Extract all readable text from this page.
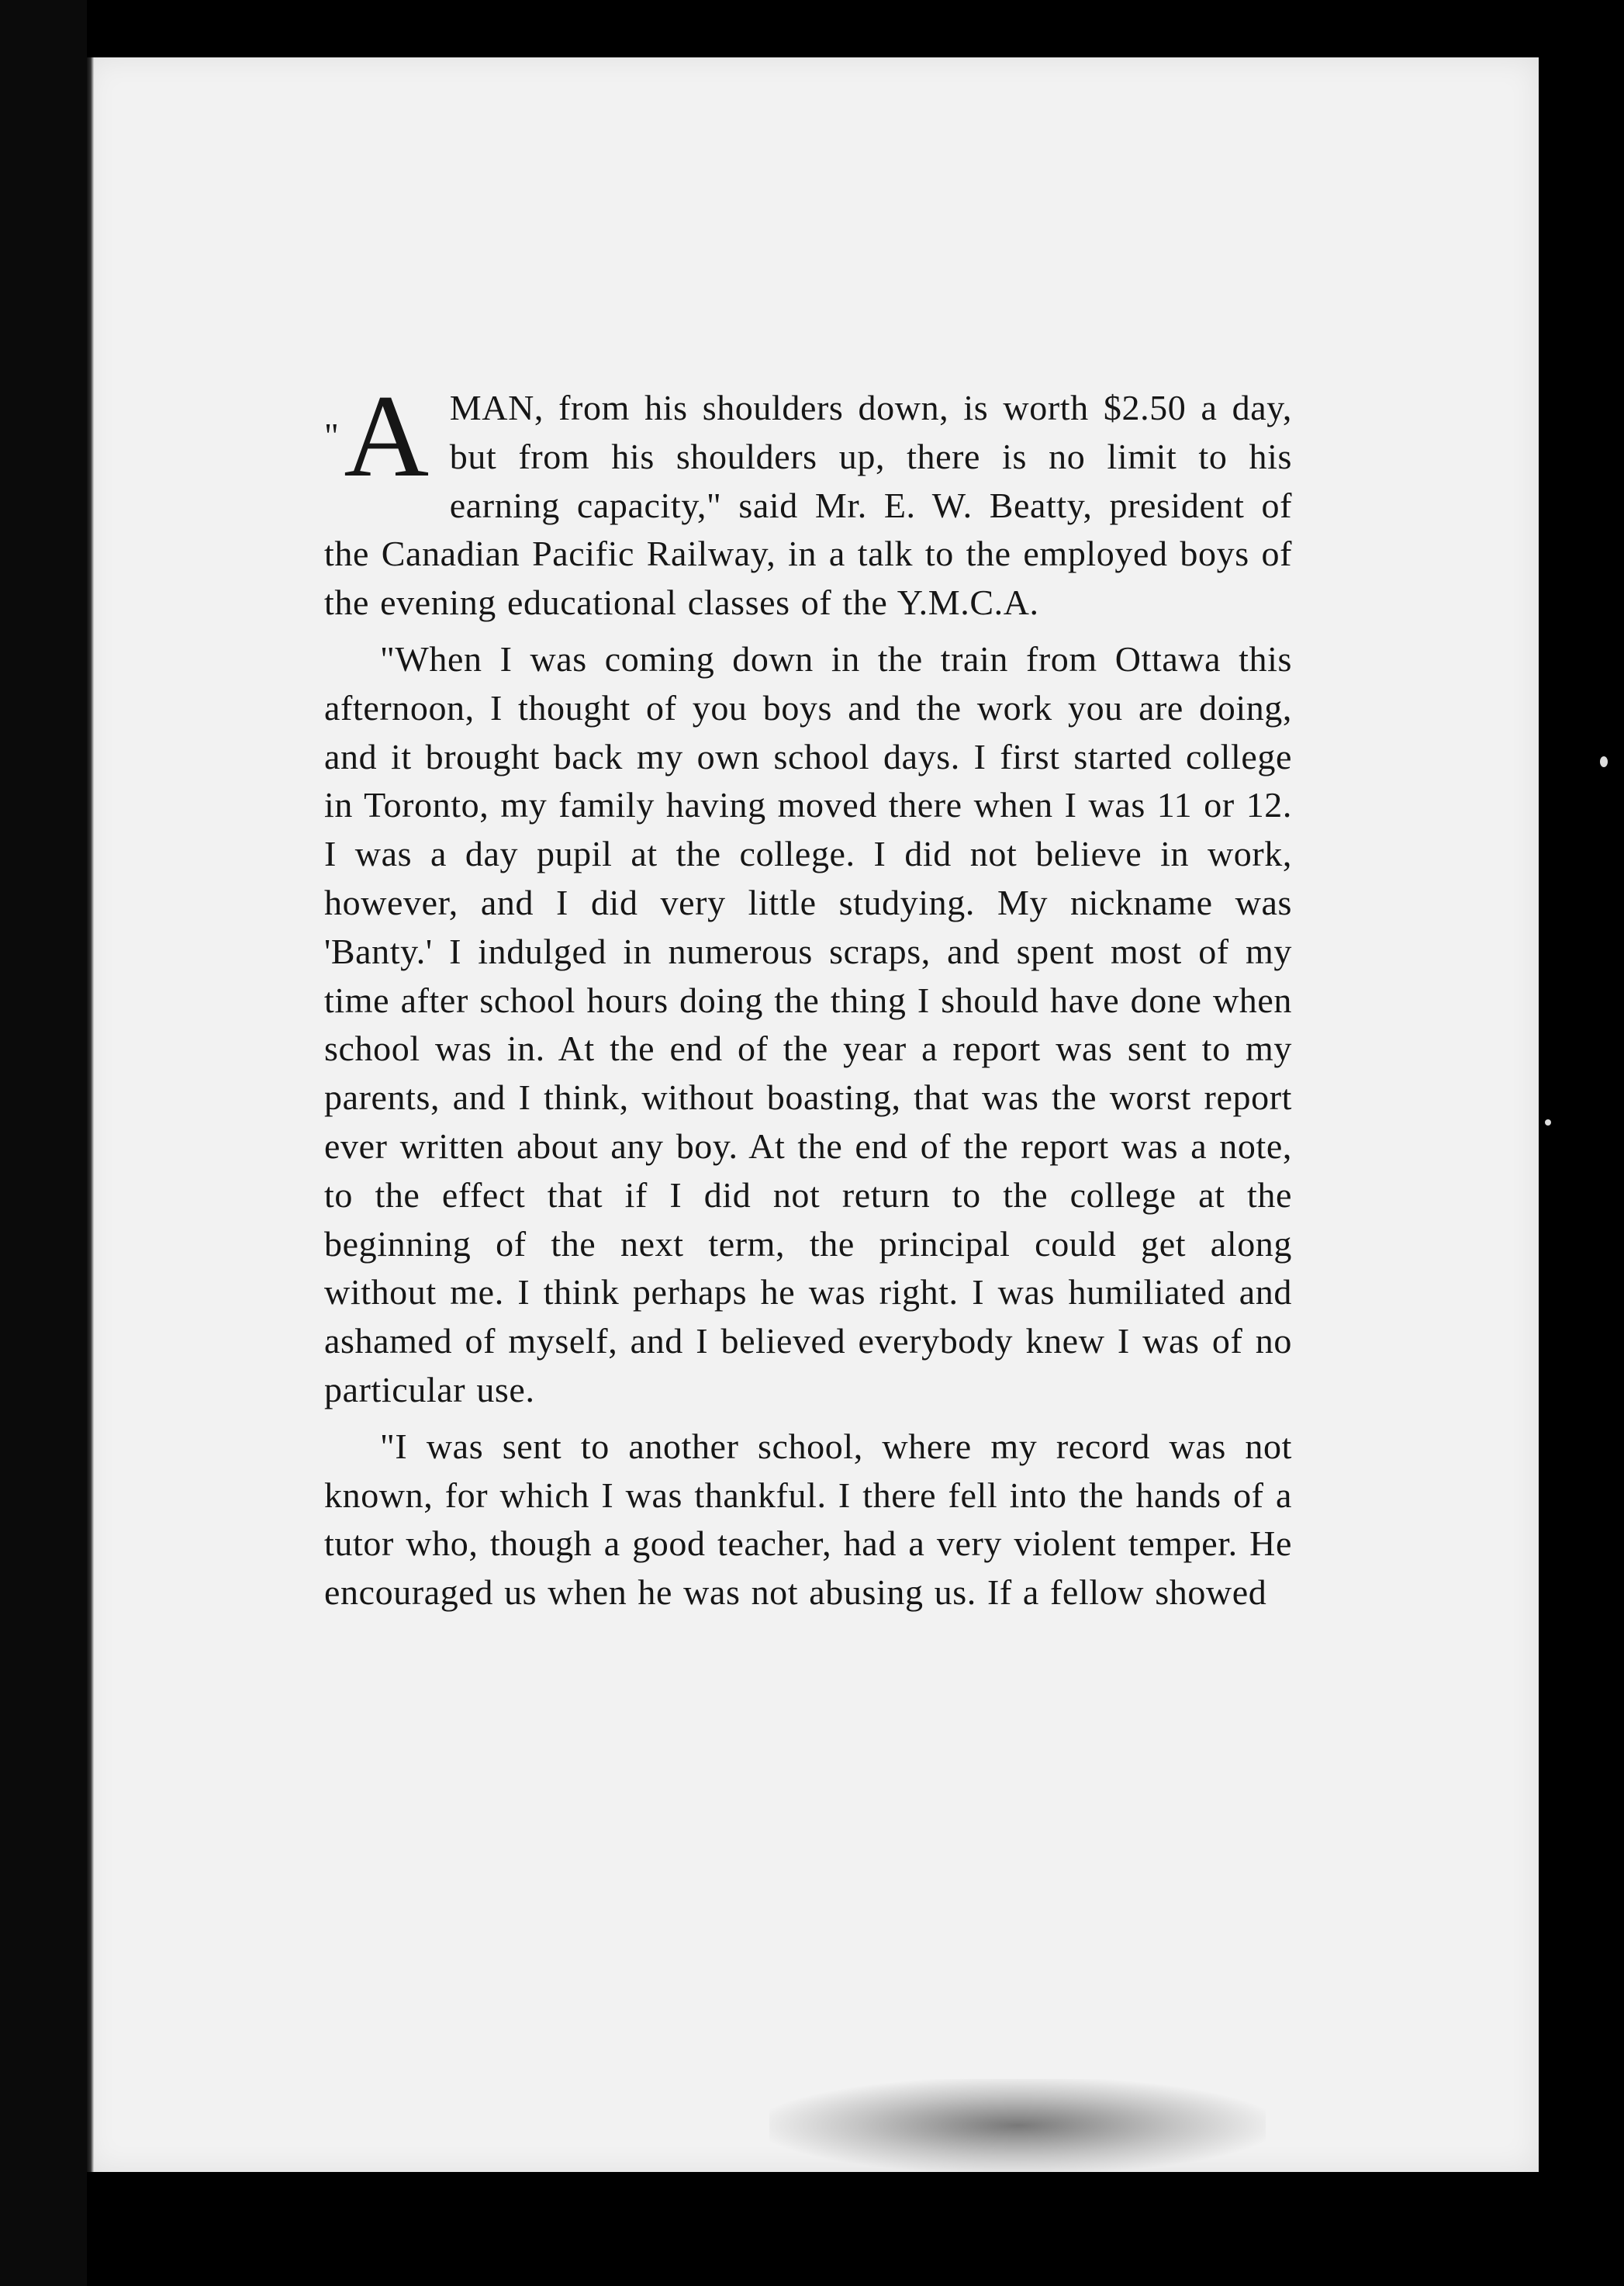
"A MAN, from his shoulders down, is worth $2.50 a day, but from his shoulders up, there is no limit to his earning capacity," said Mr. E. W. Beatty, president of the Canadian Pacific Railway, in a talk to the employed boys of the evening educational classes of the Y.M.C.A.

"When I was coming down in the train from Ottawa this afternoon, I thought of you boys and the work you are doing, and it brought back my own school days. I first started college in Toronto, my family having moved there when I was 11 or 12. I was a day pupil at the college. I did not believe in work, however, and I did very little studying. My nickname was 'Banty.' I indulged in numerous scraps, and spent most of my time after school hours doing the thing I should have done when school was in. At the end of the year a report was sent to my parents, and I think, without boasting, that was the worst report ever written about any boy. At the end of the report was a note, to the effect that if I did not return to the college at the beginning of the next term, the principal could get along without me. I think perhaps he was right. I was humiliated and ashamed of myself, and I believed everybody knew I was of no particular use.

"I was sent to another school, where my record was not known, for which I was thankful. I there fell into the hands of a tutor who, though a good teacher, had a very violent temper. He encouraged us when he was not abusing us. If a fellow showed
